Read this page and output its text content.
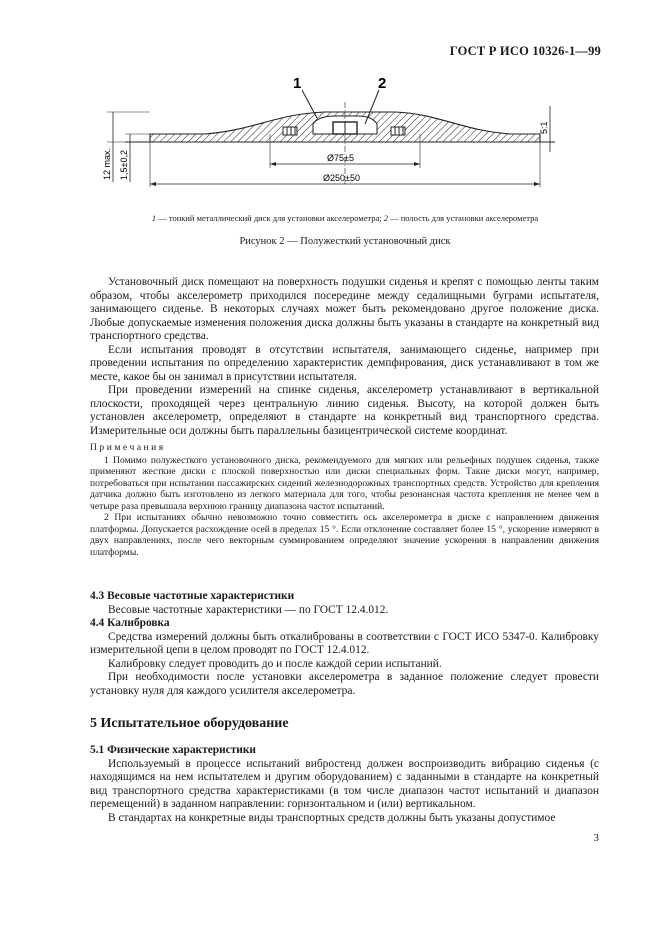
ГОСТ Р ИСО 10326-1—99
1	2
12 max. 1,5±0,2	Ø75±5
Ø250±50
5:1
1 — тонкий металлический диск для установки акселерометра; 2 — полость для установки акселерометра
Рисунок 2 — Полужесткий установочный диск

Установочный диск помещают на поверхность подушки сиденья и крепят с помощью ленты таким образом, чтобы акселерометр приходился посередине между седалищными буграми испытателя, занимающего сиденье. В некоторых случаях может быть рекомендовано другое положение диска. Любые допускаемые изменения положения диска должны быть указаны в стандарте на конкретный вид транспортного средства.

Если испытания проводят в отсутствии испытателя, занимающего сиденье, например при проведении испытания по определению характеристик демпфирования, диск устанавливают в том же месте, какое бы он занимал в присутствии испытателя.

При проведении измерений на спинке сиденья, акселерометр устанавливают в вертикальной плоскости, проходящей через центральную линию сиденья. Высоту, на которой должен быть установлен акселерометр, определяют в стандарте на конкретный вид транспортного средства. Измерительные оси должны быть параллельны базицентрической системе координат.

Примечания

1 Помимо полужесткого установочного диска, рекомендуемого для мягких или рельефных подушек сиденья, также применяют жесткие диски с плоской поверхностью или диски специальных форм. Такие диски могут, например, потребоваться при испытании пассажирских сидений железнодорожных транспортных средств. Устройство для крепления датчика должно быть изготовлено из легкого материала для того, чтобы резонансная частота крепления не менее чем в четыре раза превышала верхнюю границу диапазона частот испытаний.

2 При испытаниях обычно невозможно точно совместить ось акселерометра в диске с направлением движения платформы. Допускается расхождение осей в пределах 15 °. Если отклонение составляет более 15 °, ускорение измеряют в двух направлениях, после чего векторным суммированием определяют значение ускорения в направлении движения платформы.

4.3 Весовые частотные характеристики

Весовые частотные характеристики — по ГОСТ 12.4.012.

4.4 Калибровка

Средства измерений должны быть откалиброваны в соответствии с ГОСТ ИСО 5347-0. Калибровку измерительной цепи в целом проводят по ГОСТ 12.4.012.

Калибровку следует проводить до и после каждой серии испытаний.

При необходимости после установки акселерометра в заданное положение следует провести установку нуля для каждого усилителя акселерометра.

5 Испытательное оборудование

5.1 Физические характеристики

Используемый в процессе испытаний вибростенд должен воспроизводить вибрацию сиденья (с находящимся на нем испытателем и другим оборудованием) с заданными в стандарте на конкретный вид транспортного средства характеристиками (в том числе диапазон частот испытаний и диапазон перемещений) в заданном направлении: горизонтальном и (или) вертикальном.

В стандартах на конкретные виды транспортных средств должны быть указаны допустимое

3
